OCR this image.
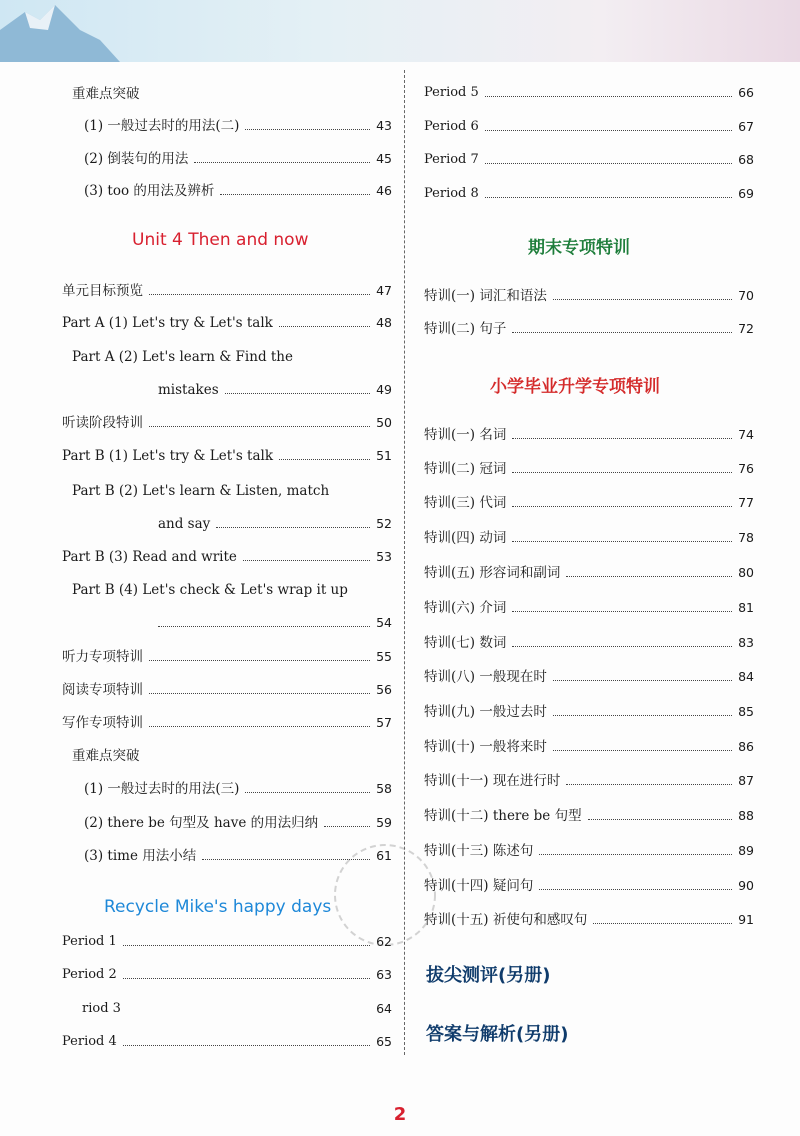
重难点突破
(1) 一般过去时的用法(二)	43
(2) 倒装句的用法	45
(3) too 的用法及辨析	46
Unit 4 Then and now
单元目标预览	47
Part A (1) Let's try & Let's talk	48
Part A (2) Let's learn & Find the
mistakes	49
听读阶段特训	50
Part B (1) Let's try & Let's talk	51
Part B (2) Let's learn & Listen, match
and say	52
Part B (3) Read and write	53
Part B (4) Let's check & Let's wrap it up
54
听力专项特训	55
阅读专项特训	56
写作专项特训	57
重难点突破
(1) 一般过去时的用法(三)	58
(2) there be 句型及 have 的用法归纳	59
(3) time 用法小结	61
Recycle Mike's happy days
Period 1	62
Period 2	63
riod 3	64
Period 4	65
Period 5	66
Period 6	67
Period 7	68
Period 8	69
期末专项特训
特训(一) 词汇和语法	70
特训(二) 句子	72
小学毕业升学专项特训
特训(一) 名词	74
特训(二) 冠词	76
特训(三) 代词	77
特训(四) 动词	78
特训(五) 形容词和副词	80
特训(六) 介词	81
特训(七) 数词	83
特训(八) 一般现在时	84
特训(九) 一般过去时	85
特训(十) 一般将来时	86
特训(十一) 现在进行时	87
特训(十二) there be 句型	88
特训(十三) 陈述句	89
特训(十四) 疑问句	90
特训(十五) 祈使句和感叹句	91
拔尖测评(另册)
答案与解析(另册)
2
